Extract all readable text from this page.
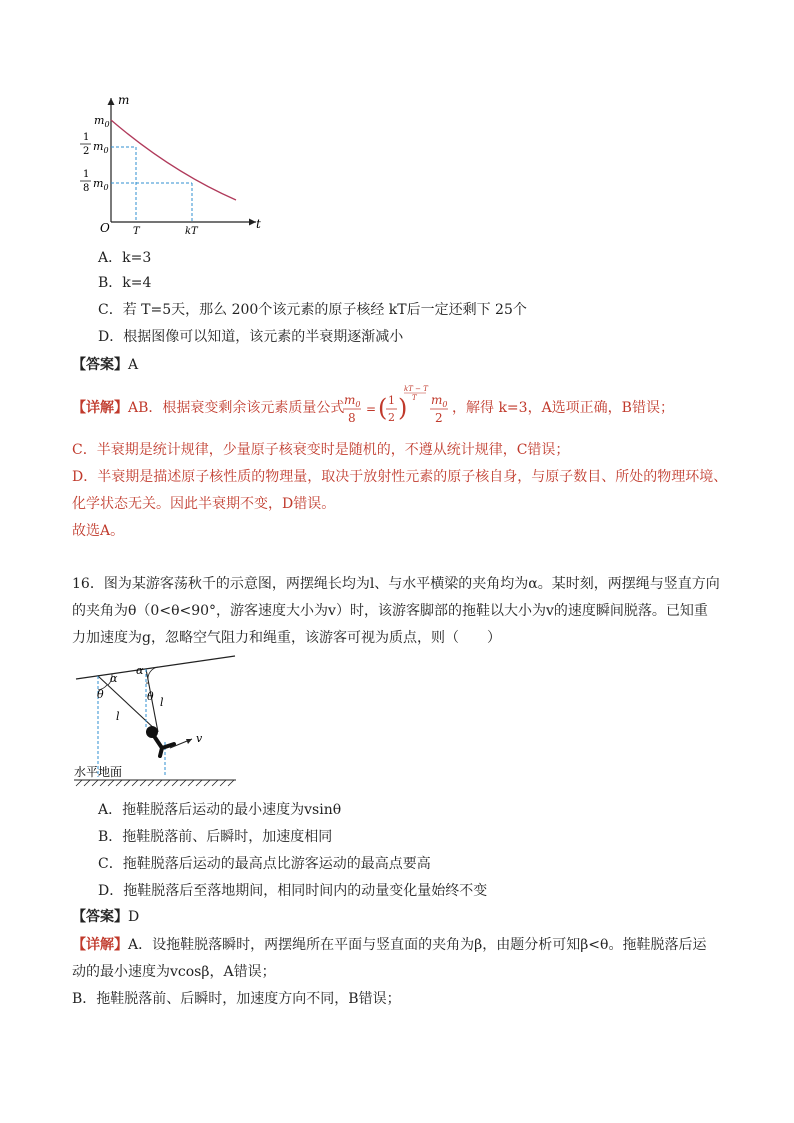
m
t
O
$m_0$
1
2 $m_0$
1
8 $m_0$
T	kT
A．k=3
B．k=4
C．若 T=5天，那么 200个该元素的原子核经 kT后一定还剩下 25个
D．根据图像可以知道，该元素的半衰期逐渐减小
【答案】A
【详解】AB．根据衰变剩余该元素质量公式 $m_0$
8
= ( 1
2 )
kT − T
T $m_0$
2
，解得 k=3，A选项正确，B错误；
C．半衰期是统计规律，少量原子核衰变时是随机的，不遵从统计规律，C错误；
D．半衰期是描述原子核性质的物理量，取决于放射性元素的原子核自身，与原子数目、所处的物理环境、
化学状态无关。因此半衰期不变，D错误。
故选A。
16．图为某游客荡秋千的示意图，两摆绳长均为l、与水平横梁的夹角均为α。某时刻，两摆绳与竖直方向
的夹角为θ（0<θ<90°，游客速度大小为v）时，该游客脚部的拖鞋以大小为v的速度瞬间脱落。已知重
力加速度为g，忽略空气阻力和绳重，该游客可视为质点，则（　　）
α
α
θ	θ
l
l
v
水平地面
A．拖鞋脱落后运动的最小速度为vsinθ
B．拖鞋脱落前、后瞬时，加速度相同
C．拖鞋脱落后运动的最高点比游客运动的最高点要高
D．拖鞋脱落后至落地期间，相同时间内的动量变化量始终不变
【答案】D
【详解】A．设拖鞋脱落瞬时，两摆绳所在平面与竖直面的夹角为β，由题分析可知β<θ。拖鞋脱落后运
动的最小速度为vcosβ，A错误；
B．拖鞋脱落前、后瞬时，加速度方向不同，B错误；
